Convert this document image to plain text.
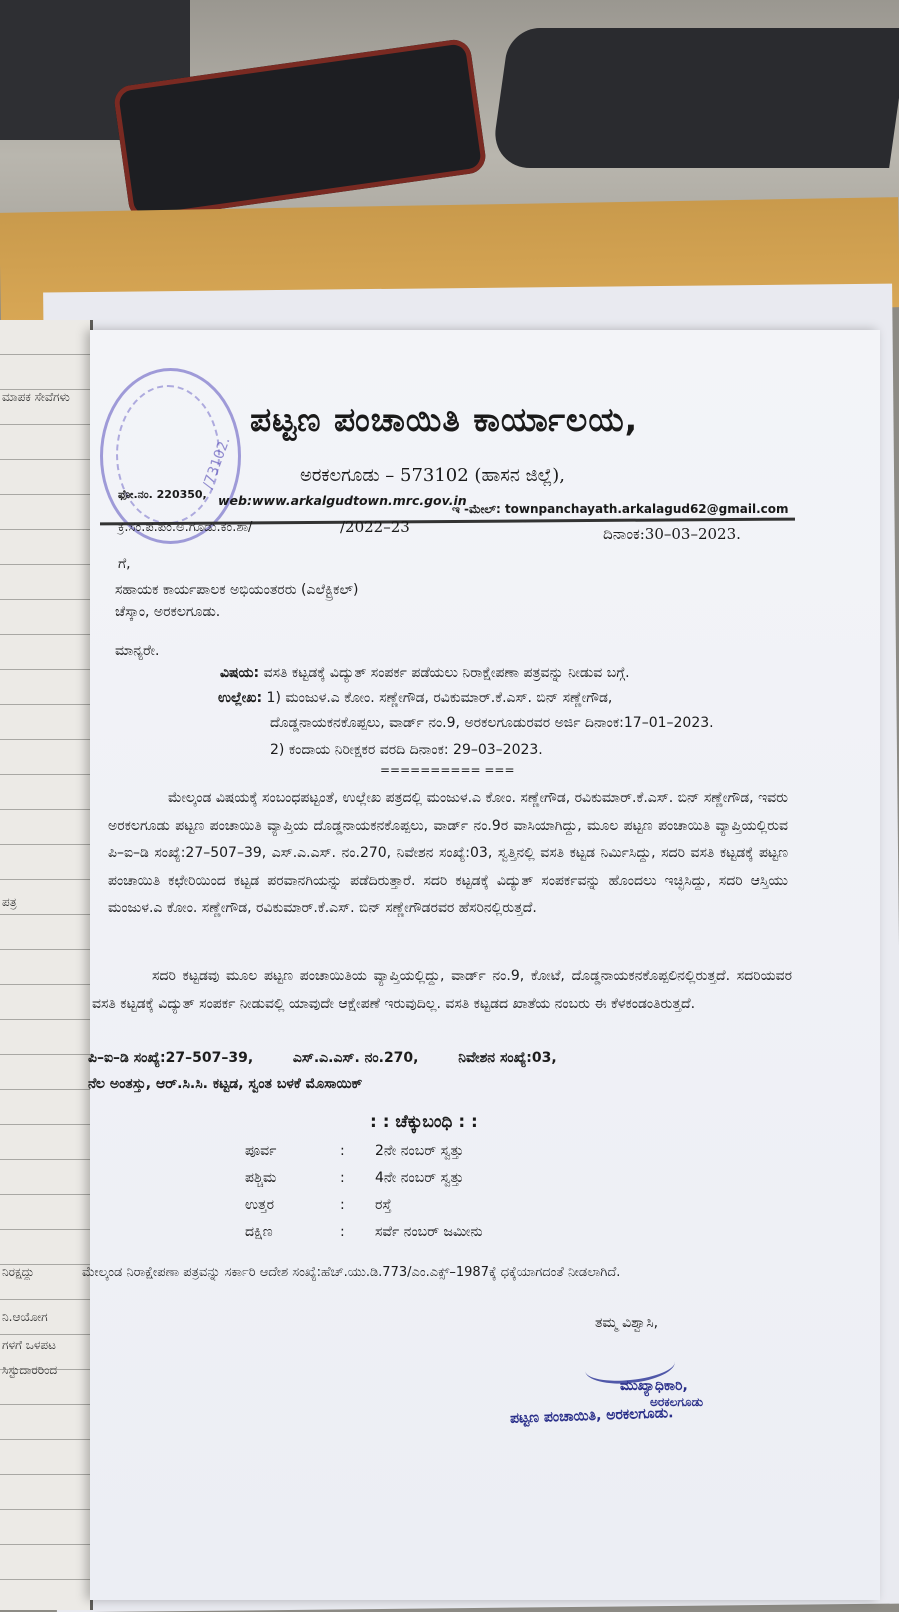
ಮಾಪಕ ಸೇವೆಗಳು
ಪತ್ರ
ನಿರಕ್ಷದ್ದು
ನಿ.ಆಯೋಗ
ಗಳಗೆ ಒಳಪಟ
ಸಿಸ್ಟುದಾರರಿಂದ
/73102.
ಪಟ್ಟಣ ಪಂಚಾಯಿತಿ ಕಾರ್ಯಾಲಯ,
ಅರಕಲಗೂಡು – 573102 (ಹಾಸನ ಜಿಲ್ಲೆ),
ಫೋ.ನಂ. 220350, web:www.arkalgudtown.mrc.gov.in
ಇ -ಮೇಲ್: townpanchayath.arkalagud62@gmail.com
ಕ್ರ.ಸಂ.ಪ.ಪಂ.ಅ.ಗೂಡು.ಕಂ.ಶಾ/	/2022–23	ದಿನಾಂಕ:30–03–2023.
ಗೆ,
ಸಹಾಯಕ ಕಾರ್ಯಪಾಲಕ ಅಭಿಯಂತರರು (ಎಲೆಕ್ಟ್ರಿಕಲ್)
ಚೆಸ್ಕಾಂ, ಅರಕಲಗೂಡು.
ಮಾನ್ಯರೇ.
ವಿಷಯ: ವಸತಿ ಕಟ್ಟಡಕ್ಕೆ ವಿದ್ಯುತ್ ಸಂಪರ್ಕ ಪಡೆಯಲು ನಿರಾಕ್ಷೇಪಣಾ ಪತ್ರವನ್ನು ನೀಡುವ ಬಗ್ಗೆ.
ಉಲ್ಲೇಖ: 1) ಮಂಜುಳ.ಎ ಕೋಂ. ಸಣ್ಣೇಗೌಡ, ರವಿಕುಮಾರ್.ಕೆ.ಎಸ್. ಬಿನ್ ಸಣ್ಣೇಗೌಡ,
ದೊಡ್ಡನಾಯಕನಕೊಪ್ಪಲು, ವಾರ್ಡ್ ನಂ.9, ಅರಕಲಗೂಡುರವರ ಅರ್ಜಿ ದಿನಾಂಕ:17–01–2023.
2) ಕಂದಾಯ ನಿರೀಕ್ಷಕರ ವರದಿ ದಿನಾಂಕ: 29–03–2023.
========== ===
ಮೇಲ್ಕಂಡ ವಿಷಯಕ್ಕೆ ಸಂಬಂಧಪಟ್ಟಂತೆ, ಉಲ್ಲೇಖ ಪತ್ರದಲ್ಲಿ ಮಂಜುಳ.ಎ ಕೋಂ. ಸಣ್ಣೇಗೌಡ, ರವಿಕುಮಾರ್.ಕೆ.ಎಸ್. ಬಿನ್ ಸಣ್ಣೇಗೌಡ, ಇವರು ಅರಕಲಗೂಡು ಪಟ್ಟಣ ಪಂಚಾಯಿತಿ ವ್ಯಾಪ್ತಿಯ ದೊಡ್ಡನಾಯಕನಕೊಪ್ಪಲು, ವಾರ್ಡ್ ನಂ.9ರ ವಾಸಿಯಾಗಿದ್ದು, ಮೂಲ ಪಟ್ಟಣ ಪಂಚಾಯಿತಿ ವ್ಯಾಪ್ತಿಯಲ್ಲಿರುವ ಪಿ–ಐ–ಡಿ ಸಂಖ್ಯೆ:27–507–39, ಎಸ್.ಎ.ಎಸ್. ನಂ.270, ನಿವೇಶನ ಸಂಖ್ಯೆ:03, ಸ್ವತ್ತಿನಲ್ಲಿ ವಸತಿ ಕಟ್ಟಡ ನಿರ್ಮಿಸಿದ್ದು, ಸದರಿ ವಸತಿ ಕಟ್ಟಡಕ್ಕೆ ಪಟ್ಟಣ ಪಂಚಾಯಿತಿ ಕಛೇರಿಯಿಂದ ಕಟ್ಟಡ ಪರವಾನಗಿಯನ್ನು ಪಡೆದಿರುತ್ತಾರೆ. ಸದರಿ ಕಟ್ಟಡಕ್ಕೆ ವಿದ್ಯುತ್ ಸಂಪರ್ಕವನ್ನು ಹೊಂದಲು ಇಚ್ಛಿಸಿದ್ದು, ಸದರಿ ಆಸ್ತಿಯು ಮಂಜುಳ.ಎ ಕೋಂ. ಸಣ್ಣೇಗೌಡ, ರವಿಕುಮಾರ್.ಕೆ.ಎಸ್. ಬಿನ್ ಸಣ್ಣೇಗೌಡರವರ ಹೆಸರಿನಲ್ಲಿರುತ್ತದೆ.
ಸದರಿ ಕಟ್ಟಡವು ಮೂಲ ಪಟ್ಟಣ ಪಂಚಾಯಿತಿಯ ವ್ಯಾಪ್ತಿಯಲ್ಲಿದ್ದು, ವಾರ್ಡ್ ನಂ.9, ಕೋಟೆ, ದೊಡ್ಡನಾಯಕನಕೊಪ್ಪಲಿನಲ್ಲಿರುತ್ತದೆ. ಸದರಿಯವರ ವಸತಿ ಕಟ್ಟಡಕ್ಕೆ ವಿದ್ಯುತ್ ಸಂಪರ್ಕ ನೀಡುವಲ್ಲಿ ಯಾವುದೇ ಆಕ್ಷೇಪಣೆ ಇರುವುದಿಲ್ಲ. ವಸತಿ ಕಟ್ಟಡದ ಖಾತೆಯ ನಂಬರು ಈ ಕೆಳಕಂಡಂತಿರುತ್ತದೆ.
ಪಿ–ಐ–ಡಿ ಸಂಖ್ಯೆ:27–507–39,	ಎಸ್.ಎ.ಎಸ್. ನಂ.270,	ನಿವೇಶನ ಸಂಖ್ಯೆ:03,
ನೆಲ ಅಂತಸ್ತು, ಆರ್.ಸಿ.ಸಿ. ಕಟ್ಟಡ, ಸ್ವಂತ ಬಳಕೆ ಮೊಸಾಯಿಕ್
: : ಚೆಕ್ಕುಬಂಧಿ : :
ಪೂರ್ವ	: 2ನೇ ನಂಬರ್ ಸ್ವತ್ತು
ಪಶ್ಚಿಮ	: 4ನೇ ನಂಬರ್ ಸ್ವತ್ತು
ಉತ್ತರ	: ರಸ್ತೆ
ದಕ್ಷಿಣ	: ಸರ್ವೆ ನಂಬರ್ ಜಮೀನು
ಮೇಲ್ಕಂಡ ನಿರಾಕ್ಷೇಪಣಾ ಪತ್ರವನ್ನು ಸರ್ಕಾರಿ ಆದೇಶ ಸಂಖ್ಯೆ:ಹೆಚ್.ಯು.ಡಿ.773/ಎಂ.ಎಕ್ಸ್–1987ಕ್ಕೆ ಧಕ್ಕೆಯಾಗದಂತೆ ನೀಡಲಾಗಿದೆ.
ತಮ್ಮ ವಿಶ್ವಾಸಿ,
ಮುಖ್ಯಾಧಿಕಾರಿ,
ಅರಕಲಗೂಡು
ಪಟ್ಟಣ ಪಂಚಾಯಿತಿ, ಅರಕಲಗೂಡು.
